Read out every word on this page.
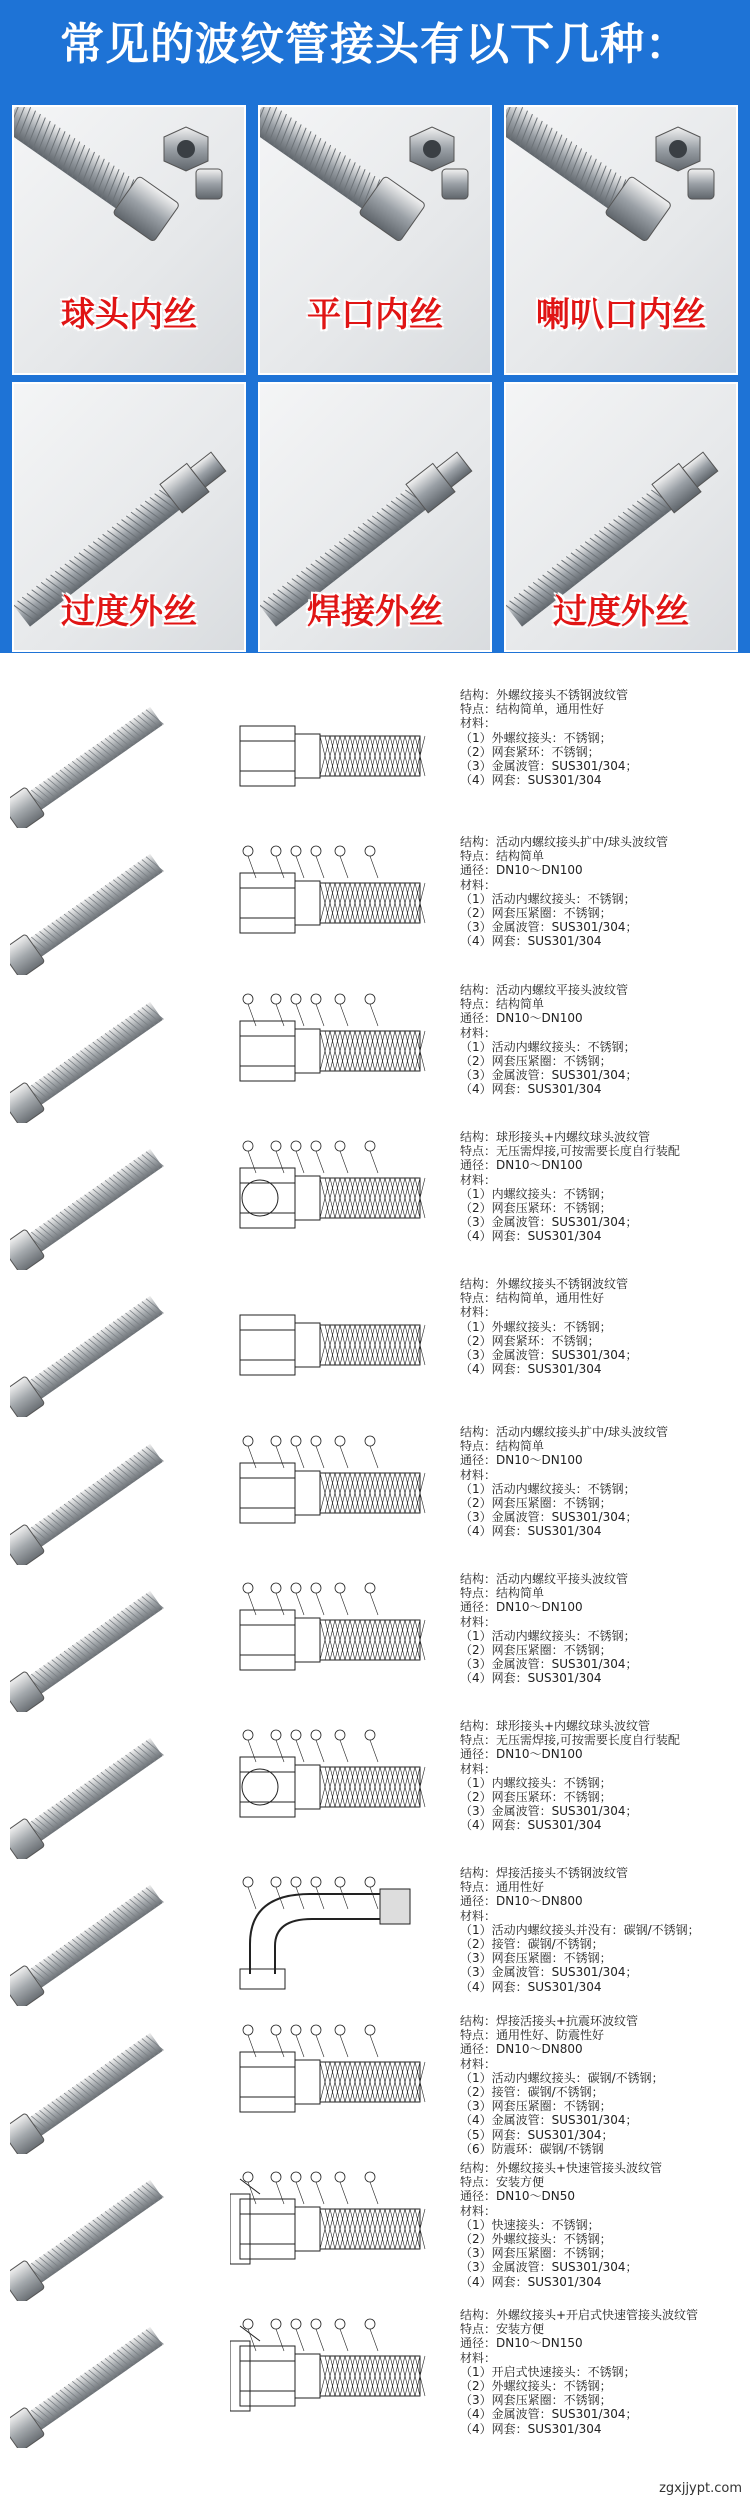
常见的波纹管接头有以下几种：
球头内丝	平口内丝	喇叭口内丝
过度外丝	焊接外丝	过度外丝
结构：外螺纹接头不锈钢波纹管
特点：结构简单，通用性好
材料：
（1）外螺纹接头：不锈钢；
（2）网套紧环：不锈钢；
（3）金属波管：SUS301/304；
（4）网套：SUS301/304
结构：活动内螺纹接头扩中/球头波纹管
特点：结构简单
通径：DN10～DN100
材料：
（1）活动内螺纹接头：不锈钢；
（2）网套压紧圈：不锈钢；
（3）金属波管：SUS301/304；
（4）网套：SUS301/304
结构：活动内螺纹平接头波纹管
特点：结构简单
通径：DN10～DN100
材料：
（1）活动内螺纹接头：不锈钢；
（2）网套压紧圈：不锈钢；
（3）金属波管：SUS301/304；
（4）网套：SUS301/304
结构：球形接头+内螺纹球头波纹管
特点：无压需焊接,可按需要长度自行装配
通径：DN10～DN100
材料：
（1）内螺纹接头：不锈钢；
（2）网套压紧环：不锈钢；
（3）金属波管：SUS301/304；
（4）网套：SUS301/304
结构：外螺纹接头不锈钢波纹管
特点：结构简单，通用性好
材料：
（1）外螺纹接头：不锈钢；
（2）网套紧环：不锈钢；
（3）金属波管：SUS301/304；
（4）网套：SUS301/304
结构：活动内螺纹接头扩中/球头波纹管
特点：结构简单
通径：DN10～DN100
材料：
（1）活动内螺纹接头：不锈钢；
（2）网套压紧圈：不锈钢；
（3）金属波管：SUS301/304；
（4）网套：SUS301/304
结构：活动内螺纹平接头波纹管
特点：结构简单
通径：DN10～DN100
材料：
（1）活动内螺纹接头：不锈钢；
（2）网套压紧圈：不锈钢；
（3）金属波管：SUS301/304；
（4）网套：SUS301/304
结构：球形接头+内螺纹球头波纹管
特点：无压需焊接,可按需要长度自行装配
通径：DN10～DN100
材料：
（1）内螺纹接头：不锈钢；
（2）网套压紧环：不锈钢；
（3）金属波管：SUS301/304；
（4）网套：SUS301/304
结构：焊接活接头不锈钢波纹管
特点：通用性好
通径：DN10～DN800
材料：
（1）活动内螺纹接头并没有：碳钢/不锈钢；
（2）接管：碳钢/不锈钢；
（3）网套压紧圈：不锈钢；
（3）金属波管：SUS301/304；
（4）网套：SUS301/304
结构：焊接活接头+抗震环波纹管
特点：通用性好、防震性好
通径：DN10～DN800
材料：
（1）活动内螺纹接头：碳钢/不锈钢；
（2）接管：碳钢/不锈钢；
（3）网套压紧圈：不锈钢；
（4）金属波管：SUS301/304；
（5）网套：SUS301/304；
（6）防震环：碳钢/不锈钢
结构：外螺纹接头+快速管接头波纹管
特点：安装方便
通径：DN10～DN50
材料：
（1）快速接头：不锈钢；
（2）外螺纹接头：不锈钢；
（3）网套压紧圈：不锈钢；
（3）金属波管：SUS301/304；
（4）网套：SUS301/304
结构：外螺纹接头+开启式快速管接头波纹管
特点：安装方便
通径：DN10～DN150
材料：
（1）开启式快速接头：不锈钢；
（2）外螺纹接头：不锈钢；
（3）网套压紧圈：不锈钢；
（4）金属波管：SUS301/304；
（4）网套：SUS301/304
zgxjjypt.com
